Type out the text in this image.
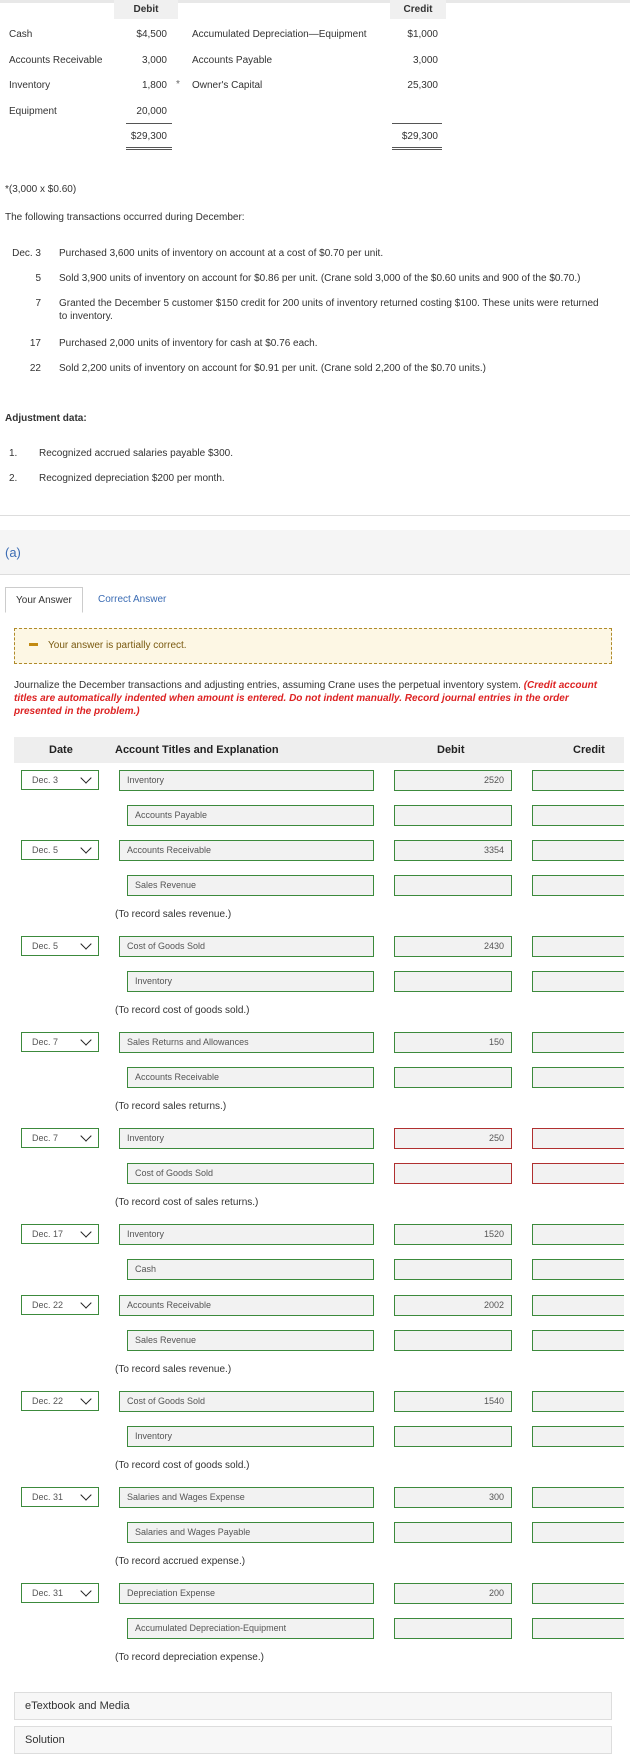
Debit	Credit
Cash	$4,500	Accumulated Depreciation—Equipment	$1,000
Accounts Receivable	3,000	Accounts Payable	3,000
Inventory	1,800 * Owner's Capital	25,300
Equipment	20,000
$29,300	$29,300
*(3,000 x $0.60)
The following transactions occurred during December:
Dec. 3 Purchased 3,600 units of inventory on account at a cost of $0.70 per unit.
5 Sold 3,900 units of inventory on account for $0.86 per unit. (Crane sold 3,000 of the $0.60 units and 900 of the $0.70.)
7 Granted the December 5 customer $150 credit for 200 units of inventory returned costing $100. These units were returned to inventory.
17 Purchased 2,000 units of inventory for cash at $0.76 each.
22 Sold 2,200 units of inventory on account for $0.91 per unit. (Crane sold 2,200 of the $0.70 units.)
Adjustment data:
1. Recognized accrued salaries payable $300.
2. Recognized depreciation $200 per month.
(a)
Your Answer	Correct Answer
Your answer is partially correct.
Journalize the December transactions and adjusting entries, assuming Crane uses the perpetual inventory system. (Credit account titles are automatically indented when amount is entered. Do not indent manually. Record journal entries in the order presented in the problem.)
Date	Account Titles and Explanation	Debit	Credit
Dec. 3	Inventory	2520
Accounts Payable
Dec. 5	Accounts Receivable	3354
Sales Revenue
(To record sales revenue.)
Dec. 5	Cost of Goods Sold	2430
Inventory
(To record cost of goods sold.)
Dec. 7	Sales Returns and Allowances	150
Accounts Receivable
(To record sales returns.)
Dec. 7	Inventory	250
Cost of Goods Sold
(To record cost of sales returns.)
Dec. 17	Inventory	1520
Cash
Dec. 22	Accounts Receivable	2002
Sales Revenue
(To record sales revenue.)
Dec. 22	Cost of Goods Sold	1540
Inventory
(To record cost of goods sold.)
Dec. 31	Salaries and Wages Expense	300
Salaries and Wages Payable
(To record accrued expense.)
Dec. 31	Depreciation Expense	200
Accumulated Depreciation-Equipment
(To record depreciation expense.)
eTextbook and Media
Solution
